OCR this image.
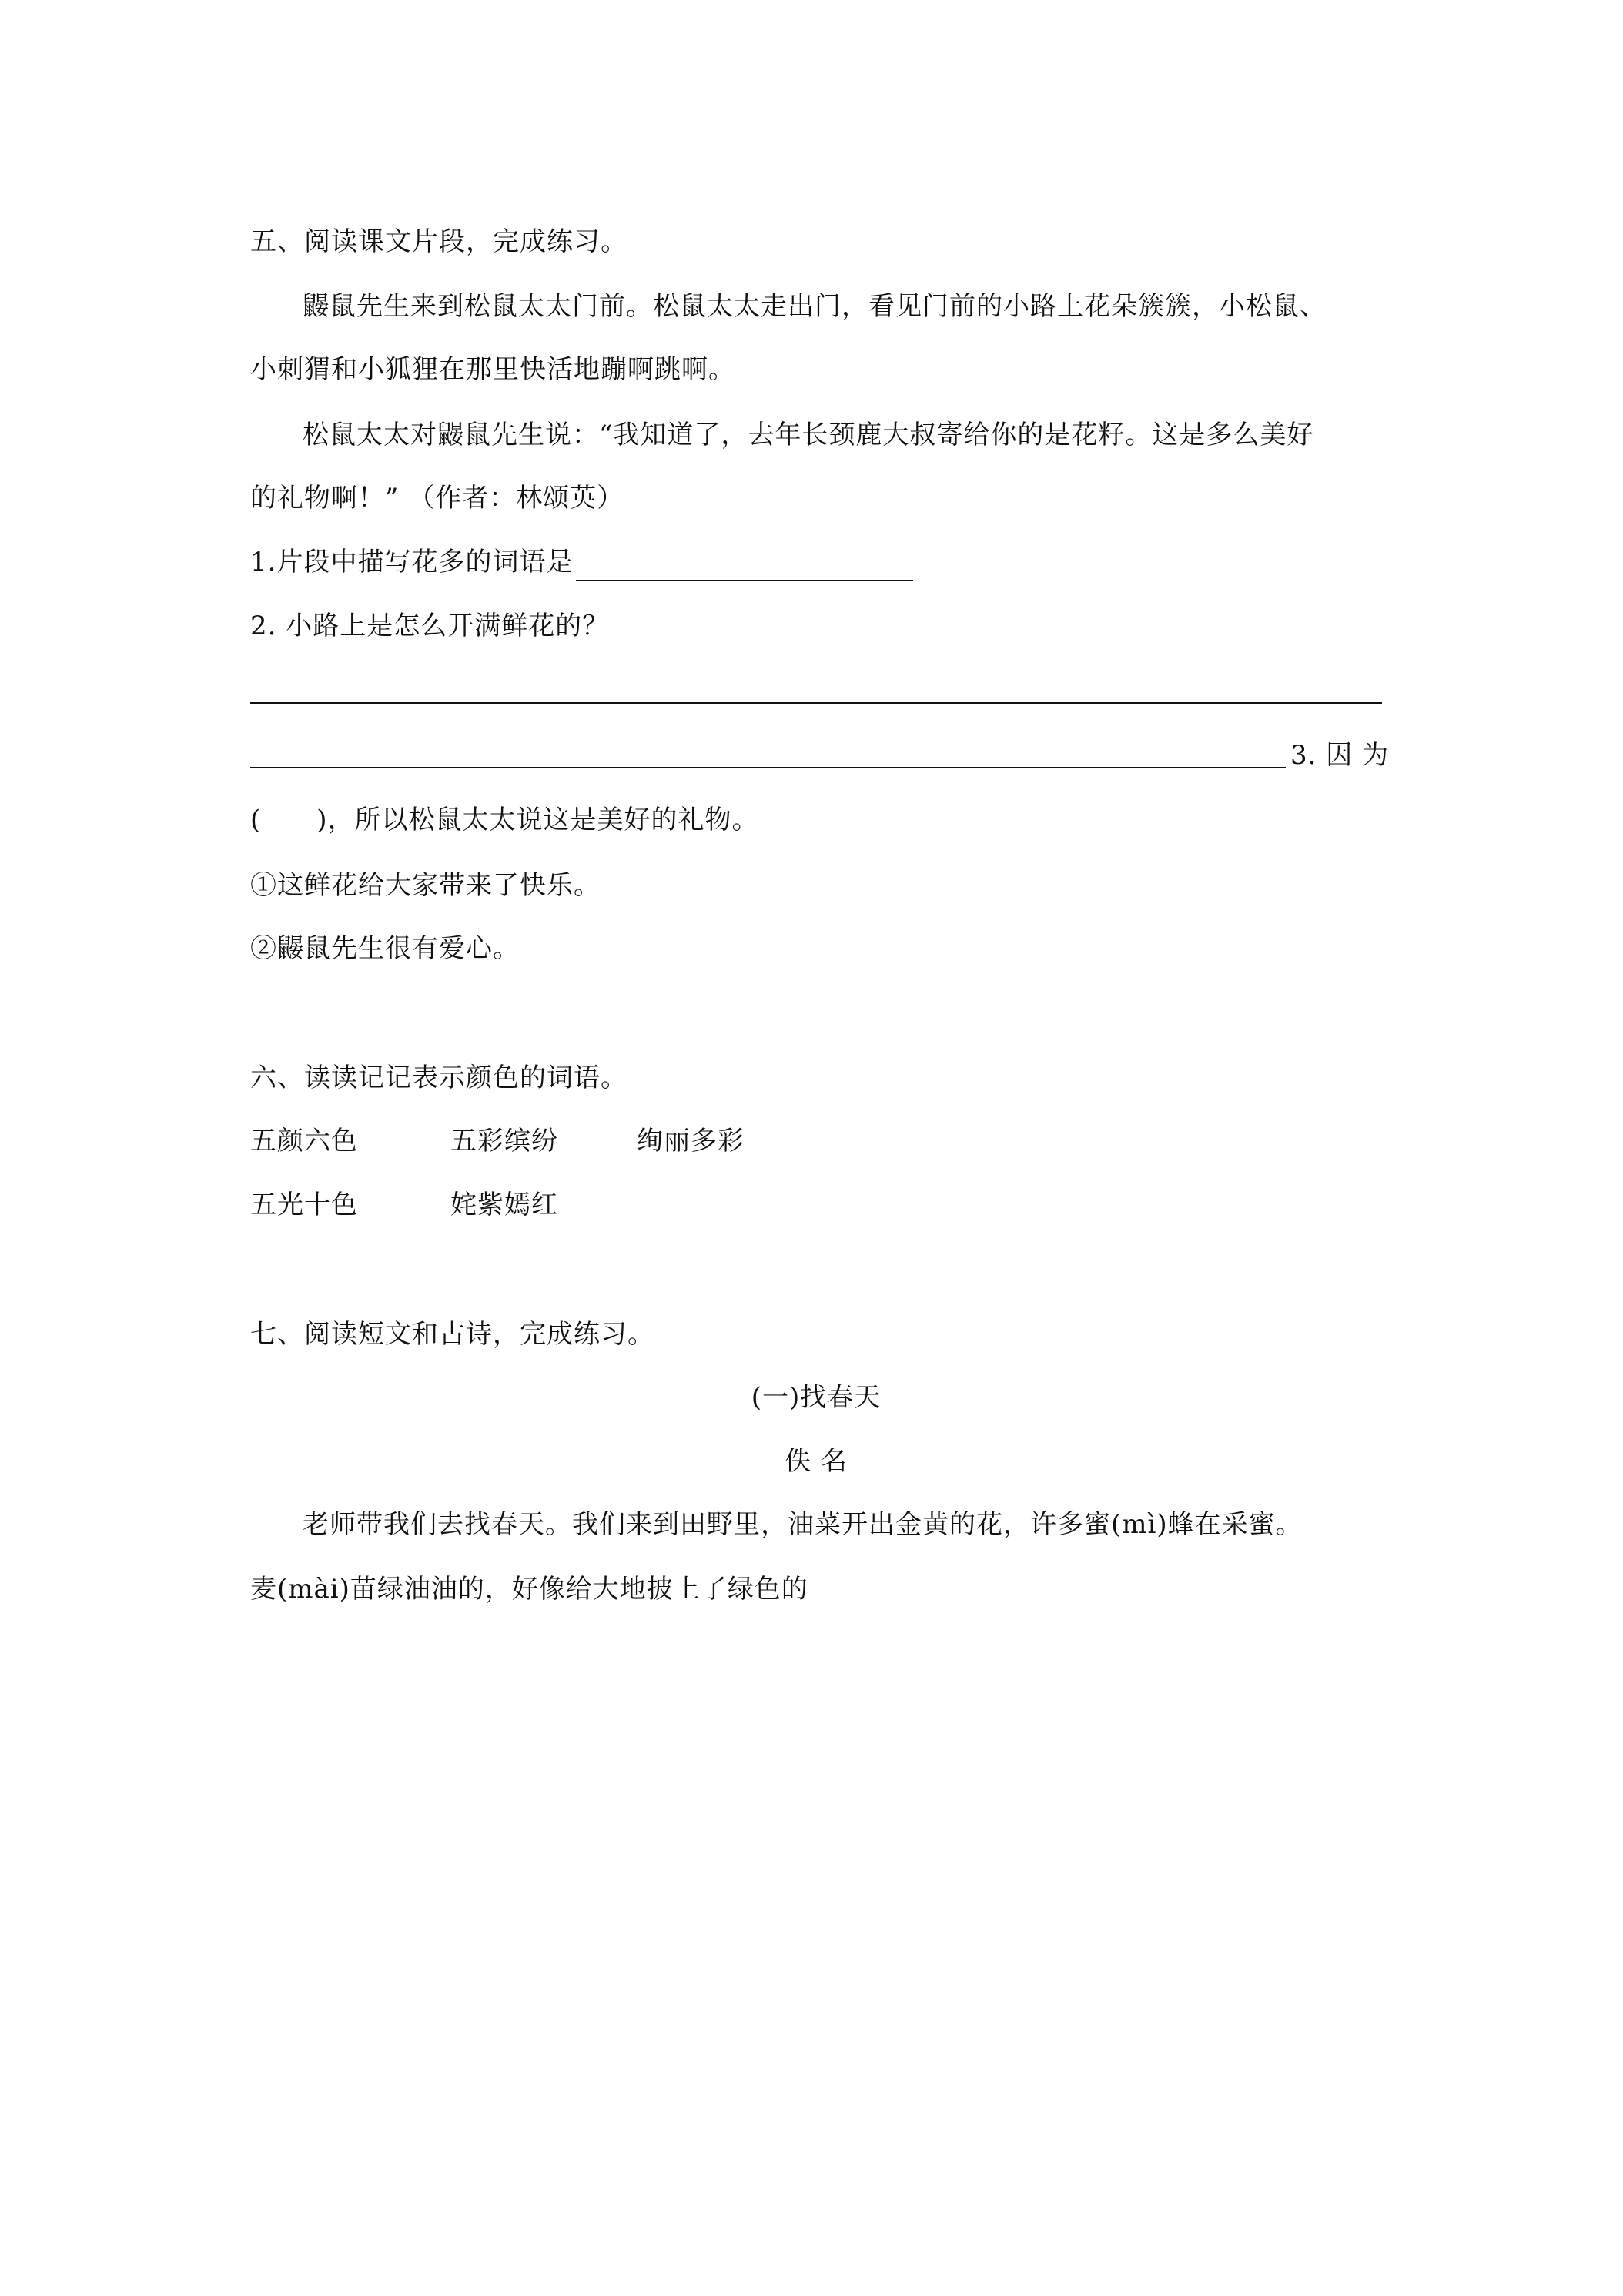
五、阅读课文片段，完成练习。
鼹鼠先生来到松鼠太太门前。松鼠太太走出门，看见门前的小路上花朵簇簇，小松鼠、
小刺猬和小狐狸在那里快活地蹦啊跳啊。
松鼠太太对鼹鼠先生说：“我知道了，去年长颈鹿大叔寄给你的是花籽。这是多么美好
的礼物啊！” （作者：林颂英）
1.片段中描写花多的词语是
2. 小路上是怎么开满鲜花的？
3. 因 为
( )，所以松鼠太太说这是美好的礼物。
①这鲜花给大家带来了快乐。
②鼹鼠先生很有爱心。
六、读读记记表示颜色的词语。
五颜六色	五彩缤纷	绚丽多彩
五光十色	姹紫嫣红
七、阅读短文和古诗，完成练习。
(一)找春天
佚 名
老师带我们去找春天。我们来到田野里，油菜开出金黄的花，许多蜜(mì)蜂在采蜜。
麦(mài)苗绿油油的，好像给大地披上了绿色的
